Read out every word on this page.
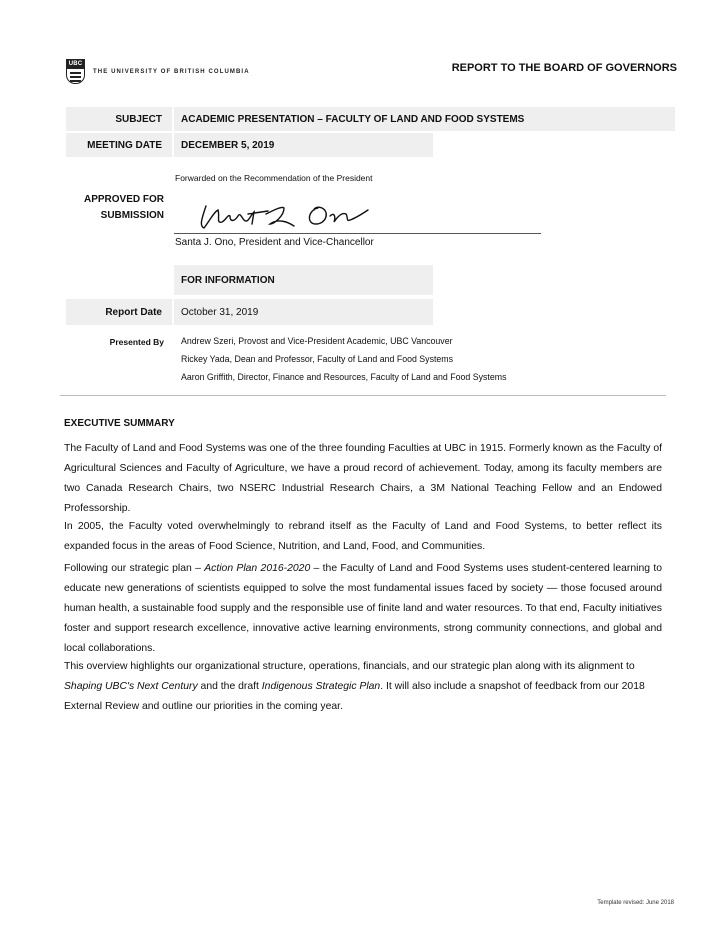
UBC
THE UNIVERSITY OF BRITISH COLUMBIA	REPORT TO THE BOARD OF GOVERNORS
SUBJECT	ACADEMIC PRESENTATION – FACULTY OF LAND AND FOOD SYSTEMS
MEETING DATE	DECEMBER 5, 2019
Forwarded on the Recommendation of the President
APPROVED FOR
SUBMISSION
Santa J. Ono, President and Vice-Chancellor
FOR INFORMATION
Report Date	October 31, 2019
Presented By Andrew Szeri, Provost and Vice-President Academic, UBC Vancouver
Rickey Yada, Dean and Professor, Faculty of Land and Food Systems
Aaron Griffith, Director, Finance and Resources, Faculty of Land and Food Systems
EXECUTIVE SUMMARY
The Faculty of Land and Food Systems was one of the three founding Faculties at UBC in 1915. Formerly known as the Faculty of Agricultural Sciences and Faculty of Agriculture, we have a proud record of achievement. Today, among its faculty members are two Canada Research Chairs, two NSERC Industrial Research Chairs, a 3M National Teaching Fellow and an Endowed Professorship.
In 2005, the Faculty voted overwhelmingly to rebrand itself as the Faculty of Land and Food Systems, to better reflect its expanded focus in the areas of Food Science, Nutrition, and Land, Food, and Communities.
Following our strategic plan – Action Plan 2016-2020 – the Faculty of Land and Food Systems uses student-centered learning to educate new generations of scientists equipped to solve the most fundamental issues faced by society — those focused around human health, a sustainable food supply and the responsible use of finite land and water resources. To that end, Faculty initiatives foster and support research excellence, innovative active learning environments, strong community connections, and global and local collaborations.
This overview highlights our organizational structure, operations, financials, and our strategic plan along with its alignment to Shaping UBC's Next Century and the draft Indigenous Strategic Plan. It will also include a snapshot of feedback from our 2018 External Review and outline our priorities in the coming year.
Template revised: June 2018
